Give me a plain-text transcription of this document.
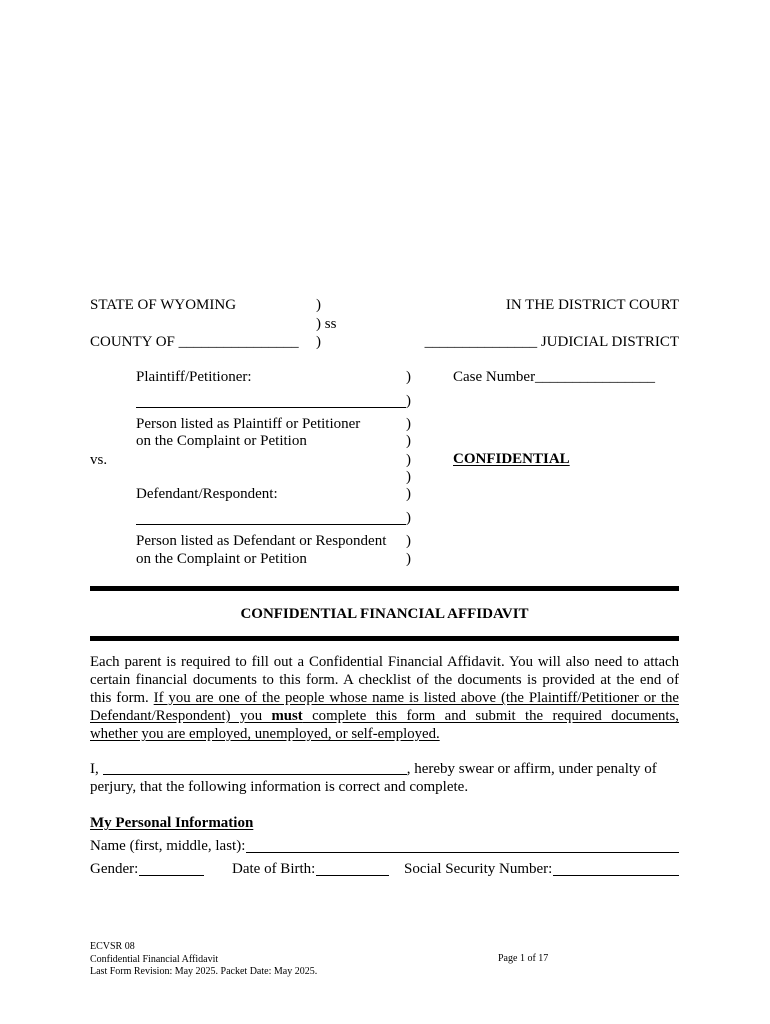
STATE OF WYOMING	)	IN THE DISTRICT COURT
) ss
COUNTY OF ________________ )	_______________ JUDICIAL DISTRICT
Plaintiff/Petitioner:	Case Number________________
Person listed as Plaintiff or Petitioner
on the Complaint or Petition
vs.	CONFIDENTIAL
Defendant/Respondent:
Person listed as Defendant or Respondent
on the Complaint or Petition
)
)
)
)
)
)
)
)
)
)
CONFIDENTIAL FINANCIAL AFFIDAVIT
Each parent is required to fill out a Confidential Financial Affidavit. You will also need to attach
certain financial documents to this form. A checklist of the documents is provided at the end of
this form. If you are one of the people whose name is listed above (the Plaintiff/Petitioner or the
Defendant/Respondent) you must complete this form and submit the required documents,
whether you are employed, unemployed, or self-employed.
I,	, hereby swear or affirm, under penalty of
perjury, that the following information is correct and complete.
My Personal Information
Name (first, middle, last):
Gender:	Date of Birth:	Social Security Number:
ECVSR 08
Confidential Financial Affidavit
Last Form Revision: May 2025. Packet Date: May 2025.
Page 1 of 17
